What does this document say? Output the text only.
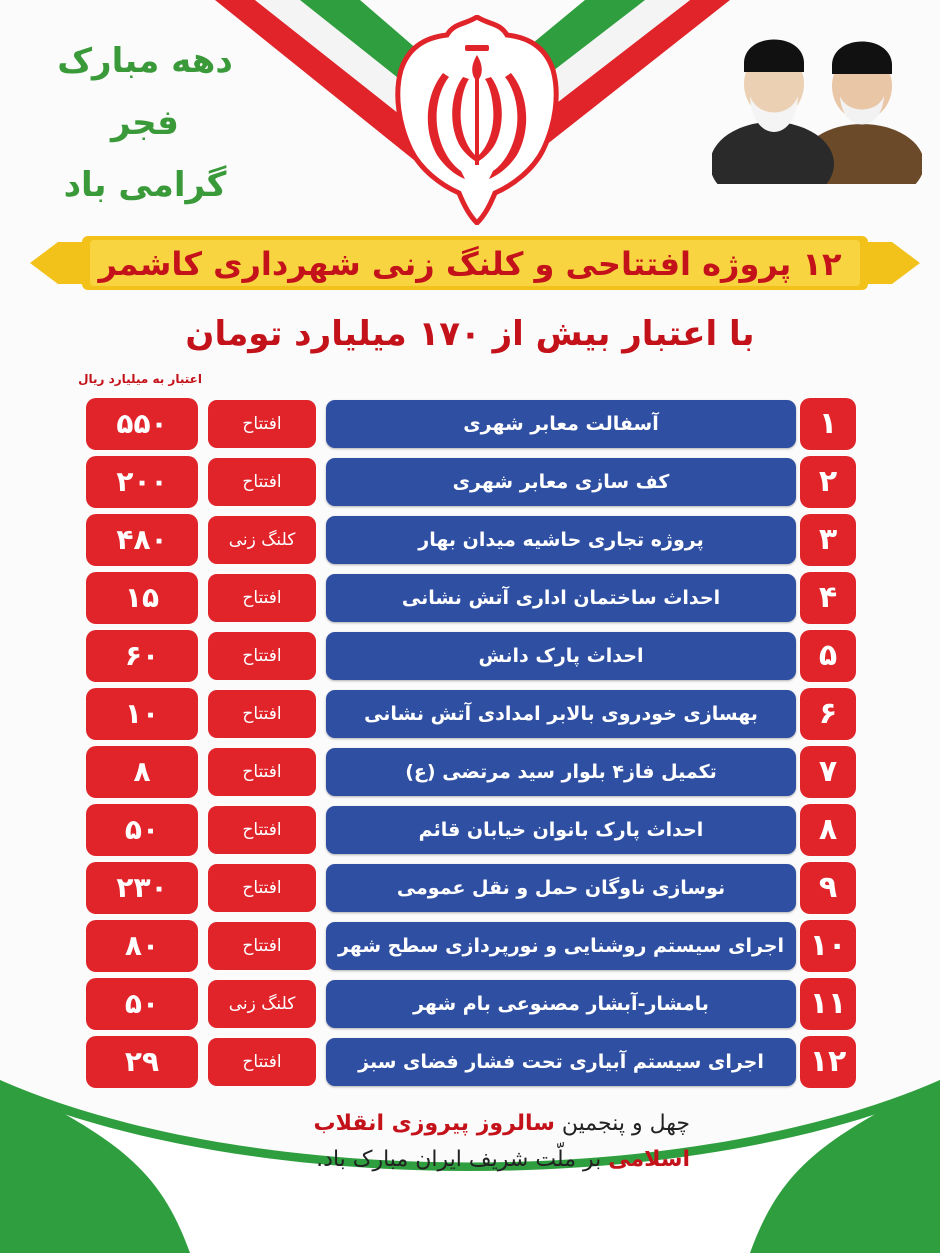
دهه مبارک
فجر
گرامی باد
۱۲ پروژه افتتاحی و کلنگ زنی شهرداری کاشمر
با اعتبار بیش از ۱۷۰ میلیارد تومان
اعتبار به میلیارد ریال
۱
آسفالت معابر شهری
افتتاح
۵۵۰
۲
کف سازی معابر شهری
افتتاح
۲۰۰
۳
پروژه تجاری حاشیه میدان بهار
کلنگ زنی
۴۸۰
۴
احداث ساختمان اداری آتش نشانی
افتتاح
۱۵
۵
احداث پارک دانش
افتتاح
۶۰
۶
بهسازی خودروی بالابر امدادی آتش نشانی
افتتاح
۱۰
۷
تکمیل فاز۴ بلوار سید مرتضی (ع)
افتتاح
۸
۸
احداث پارک بانوان خیابان قائم
افتتاح
۵۰
۹
نوسازی ناوگان حمل و نقل عمومی
افتتاح
۲۳۰
۱۰
اجرای سیستم روشنایی و نورپردازی سطح شهر
افتتاح
۸۰
۱۱
بامشار-آبشار مصنوعی بام شهر
کلنگ زنی
۵۰
۱۲
اجرای سیستم آبیاری تحت فشار فضای سبز
افتتاح
۲۹
چهل و پنجمین سالروز پیروزی انقلاب
اسلامی بر ملّت شریف ایران مبارک باد.
